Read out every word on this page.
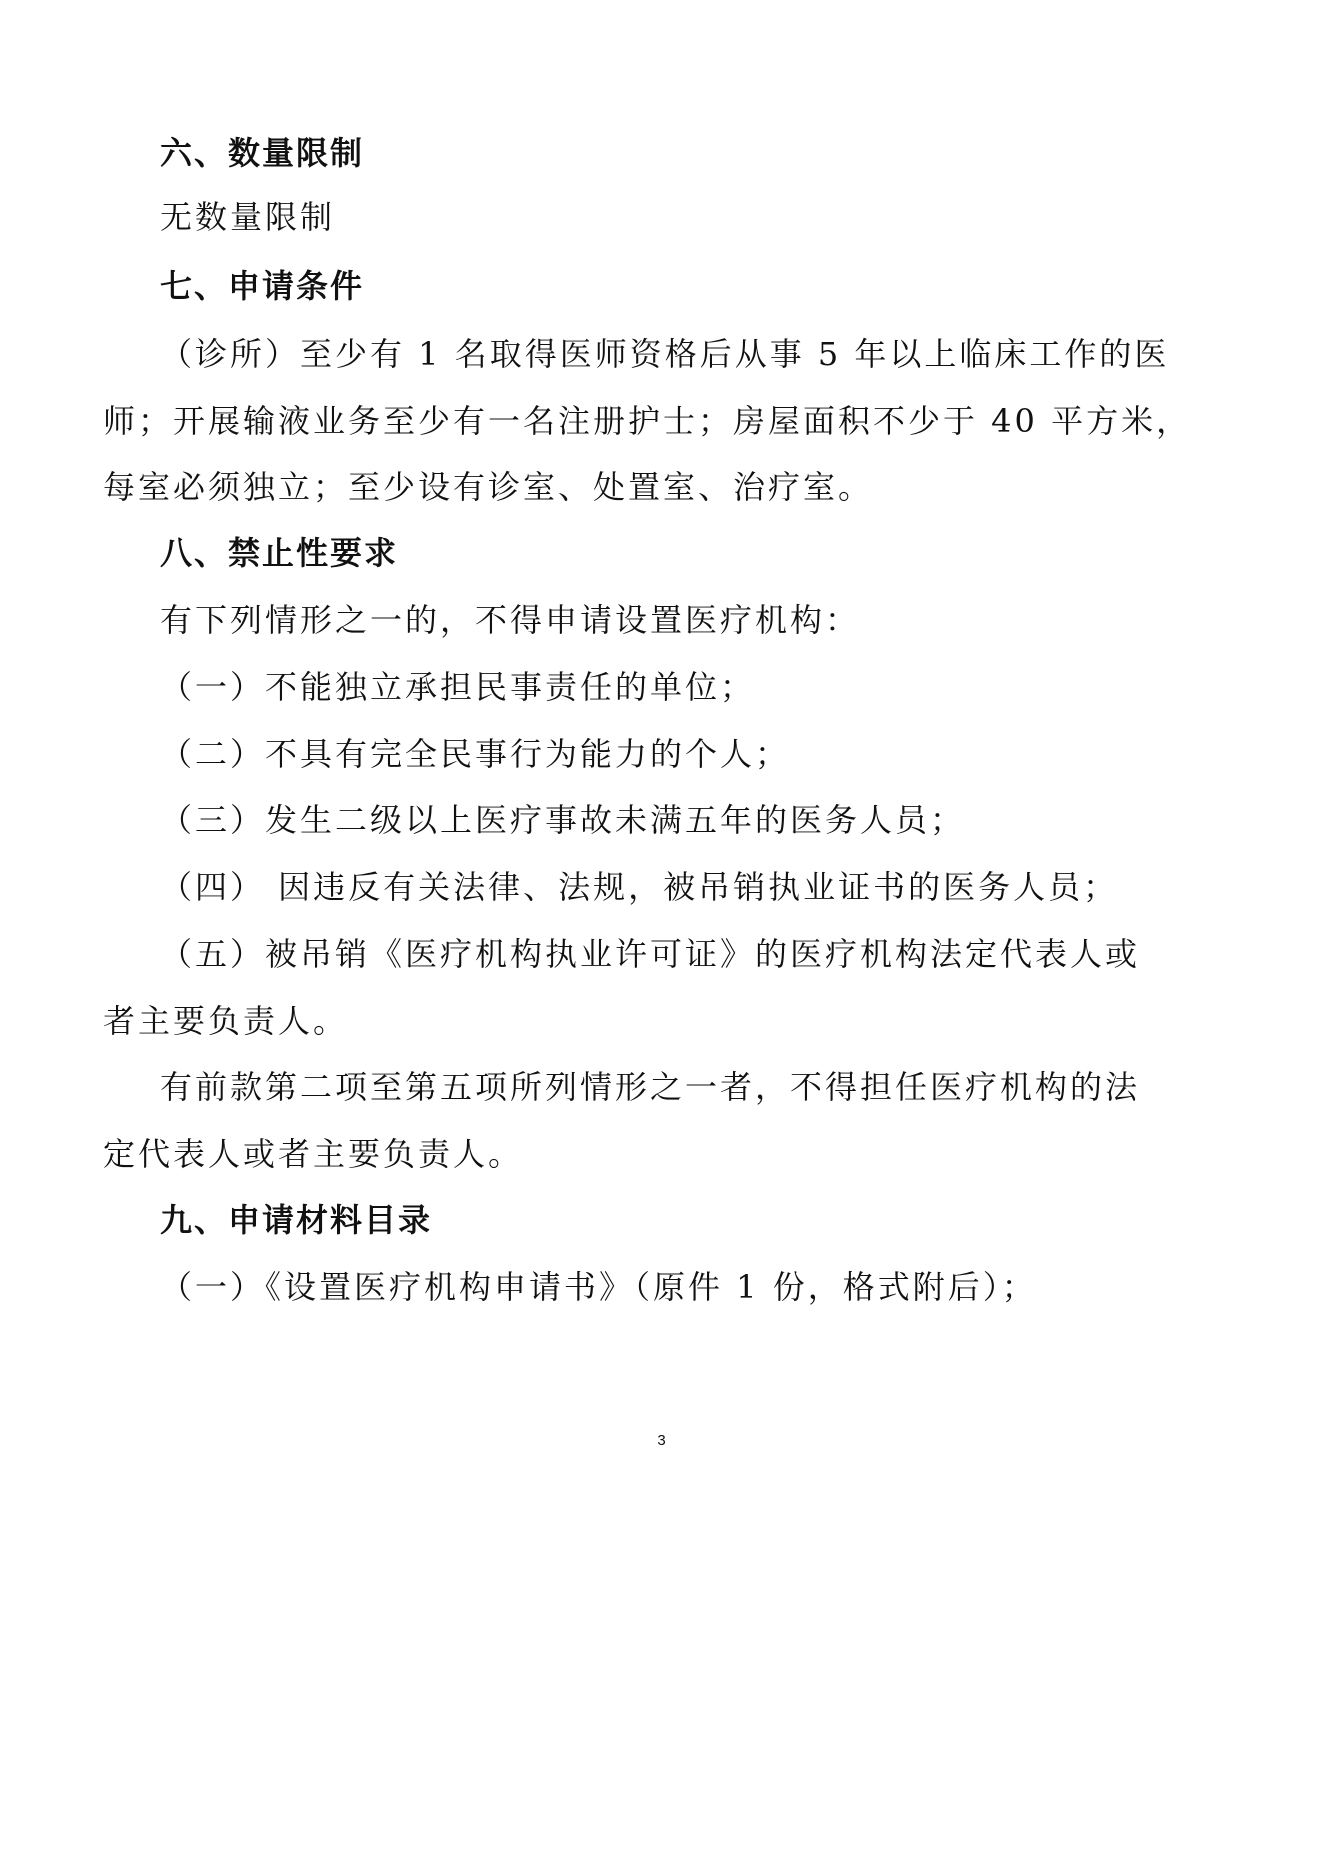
六、数量限制
无数量限制
七、申请条件
（诊所）至少有 1 名取得医师资格后从事 5 年以上临床工作的医
师；开展输液业务至少有一名注册护士；房屋面积不少于 40 平方米，
每室必须独立；至少设有诊室、处置室、治疗室。
八、禁止性要求
有下列情形之一的，不得申请设置医疗机构：
（一）不能独立承担民事责任的单位；
（二）不具有完全民事行为能力的个人；
（三）发生二级以上医疗事故未满五年的医务人员；
（四） 因违反有关法律、法规，被吊销执业证书的医务人员；
（五）被吊销《医疗机构执业许可证》的医疗机构法定代表人或
者主要负责人。
有前款第二项至第五项所列情形之一者，不得担任医疗机构的法
定代表人或者主要负责人。
九、申请材料目录
（一）《设置医疗机构申请书》（原件 1 份，格式附后）；
3
